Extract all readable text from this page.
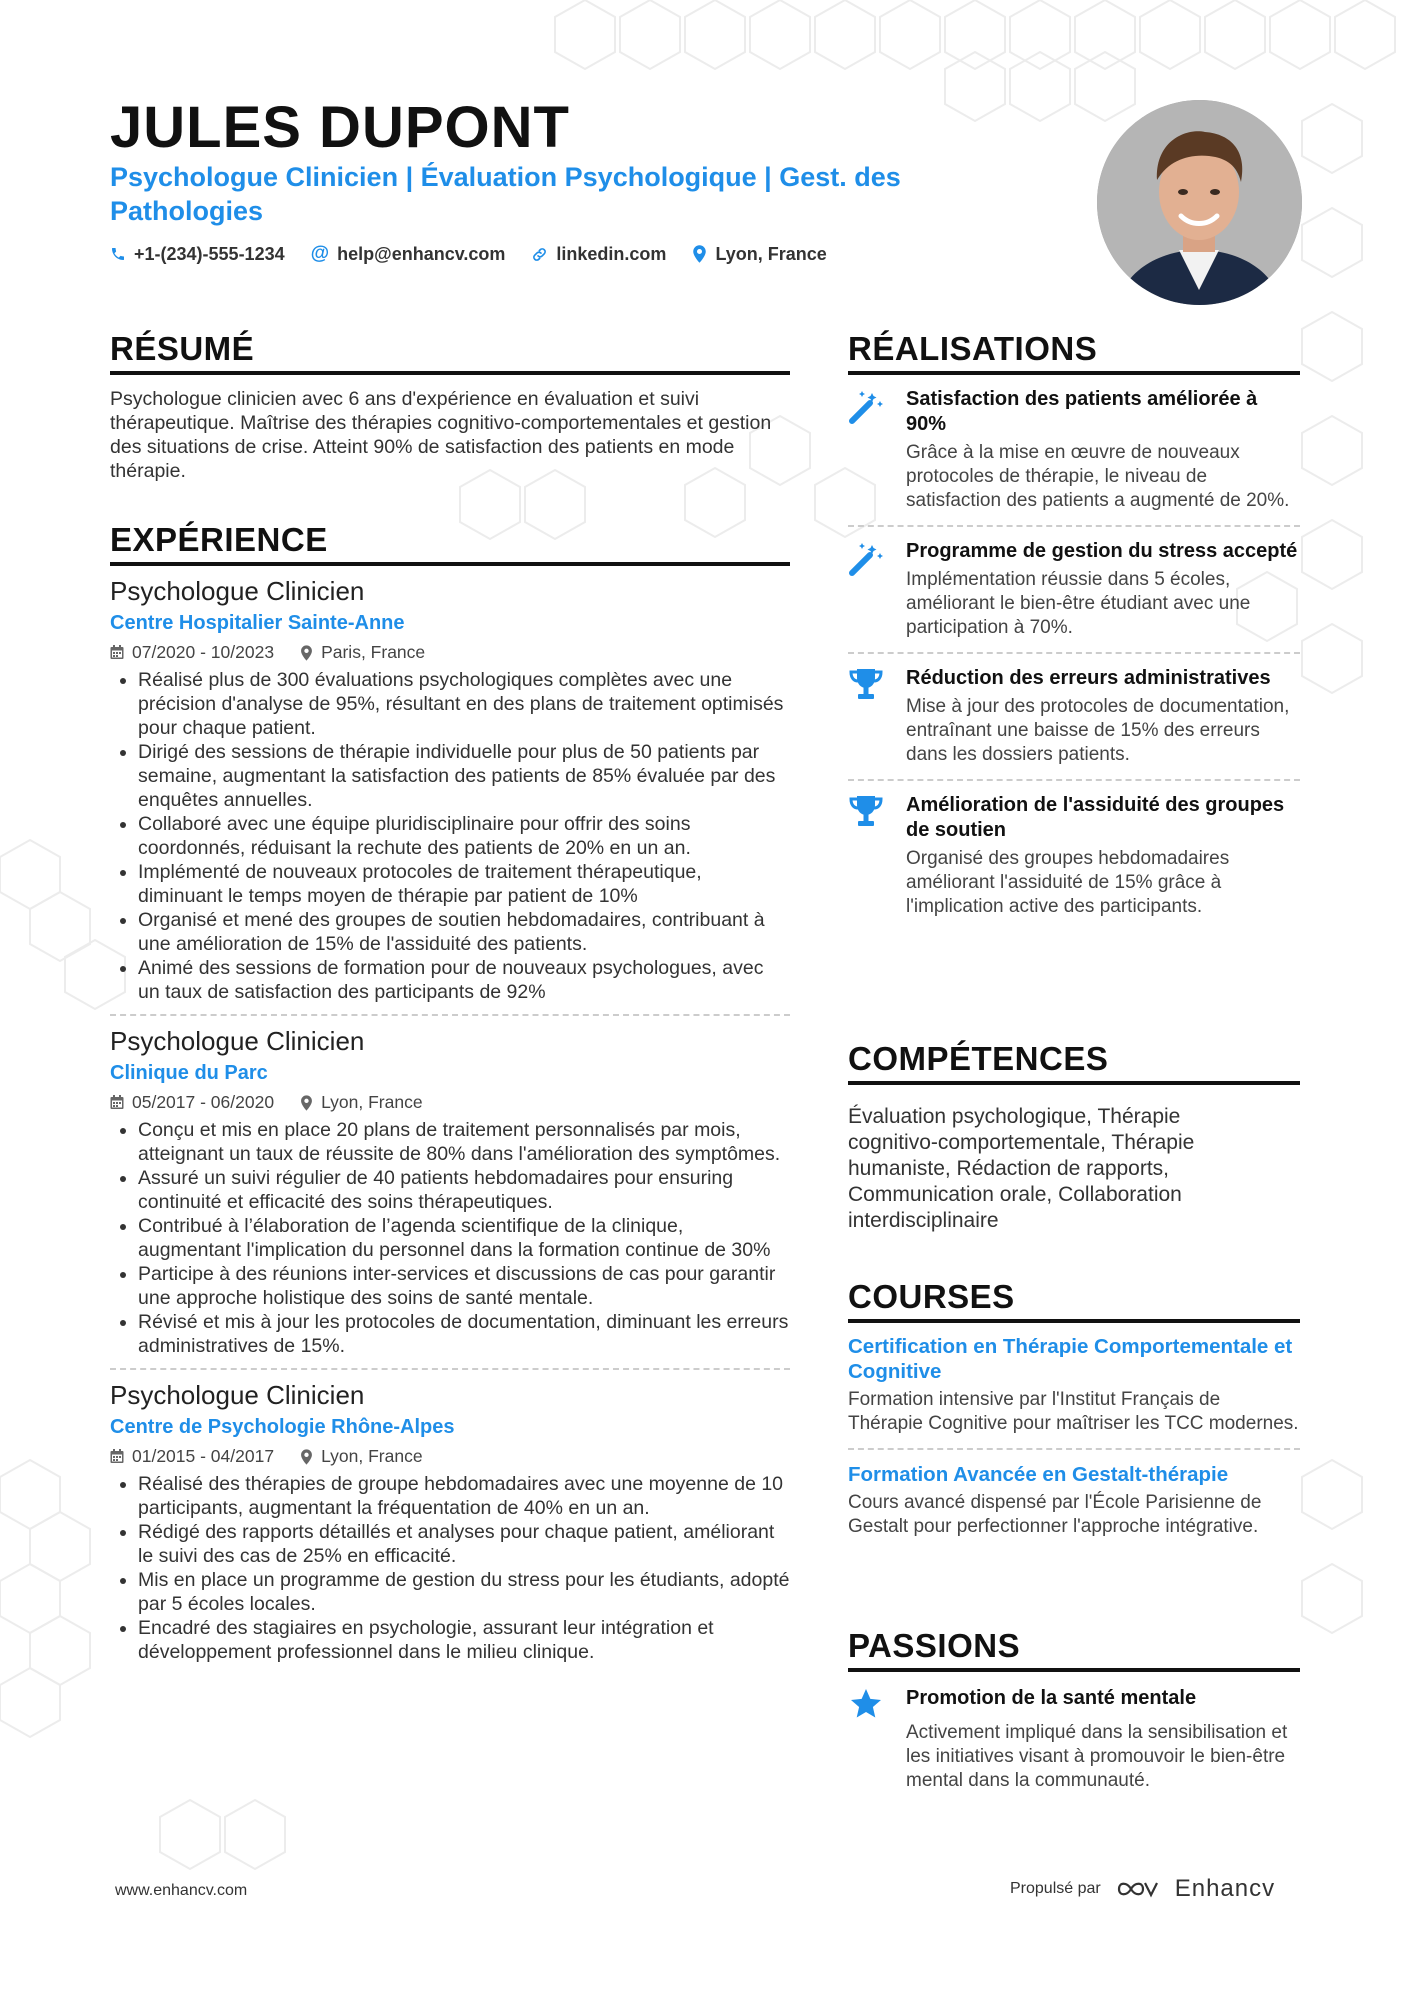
JULES DUPONT
Psychologue Clinicien | Évaluation Psychologique | Gest. des Pathologies
+1-(234)-555-1234 @ help@enhancv.com	linkedin.com	Lyon, France
RÉSUMÉ
Psychologue clinicien avec 6 ans d'expérience en évaluation et suivi thérapeutique. Maîtrise des thérapies cognitivo-comportementales et gestion des situations de crise. Atteint 90% de satisfaction des patients en mode thérapie.
EXPÉRIENCE
Psychologue Clinicien
Centre Hospitalier Sainte-Anne
07/2020 - 10/2023	Paris, France
• Réalisé plus de 300 évaluations psychologiques complètes avec une précision d'analyse de 95%, résultant en des plans de traitement optimisés pour chaque patient.
• Dirigé des sessions de thérapie individuelle pour plus de 50 patients par semaine, augmentant la satisfaction des patients de 85% évaluée par des enquêtes annuelles.
• Collaboré avec une équipe pluridisciplinaire pour offrir des soins coordonnés, réduisant la rechute des patients de 20% en un an.
• Implémenté de nouveaux protocoles de traitement thérapeutique, diminuant le temps moyen de thérapie par patient de 10%
• Organisé et mené des groupes de soutien hebdomadaires, contribuant à une amélioration de 15% de l'assiduité des patients.
• Animé des sessions de formation pour de nouveaux psychologues, avec un taux de satisfaction des participants de 92%
Psychologue Clinicien
Clinique du Parc
05/2017 - 06/2020	Lyon, France
• Conçu et mis en place 20 plans de traitement personnalisés par mois, atteignant un taux de réussite de 80% dans l'amélioration des symptômes.
• Assuré un suivi régulier de 40 patients hebdomadaires pour ensuring continuité et efficacité des soins thérapeutiques.
• Contribué à l’élaboration de l’agenda scientifique de la clinique, augmentant l'implication du personnel dans la formation continue de 30%
• Participe à des réunions inter-services et discussions de cas pour garantir une approche holistique des soins de santé mentale.
• Révisé et mis à jour les protocoles de documentation, diminuant les erreurs administratives de 15%.
Psychologue Clinicien
Centre de Psychologie Rhône-Alpes
01/2015 - 04/2017	Lyon, France
• Réalisé des thérapies de groupe hebdomadaires avec une moyenne de 10 participants, augmentant la fréquentation de 40% en un an.
• Rédigé des rapports détaillés et analyses pour chaque patient, améliorant le suivi des cas de 25% en efficacité.
• Mis en place un programme de gestion du stress pour les étudiants, adopté par 5 écoles locales.
• Encadré des stagiaires en psychologie, assurant leur intégration et développement professionnel dans le milieu clinique.
RÉALISATIONS
Satisfaction des patients améliorée à 90%
Grâce à la mise en œuvre de nouveaux protocoles de thérapie, le niveau de satisfaction des patients a augmenté de 20%.
Programme de gestion du stress accepté
Implémentation réussie dans 5 écoles, améliorant le bien-être étudiant avec une participation à 70%.
Réduction des erreurs administratives
Mise à jour des protocoles de documentation, entraînant une baisse de 15% des erreurs dans les dossiers patients.
Amélioration de l'assiduité des groupes de soutien
Organisé des groupes hebdomadaires améliorant l'assiduité de 15% grâce à l'implication active des participants.
COMPÉTENCES
Évaluation psychologique, Thérapie cognitivo-comportementale, Thérapie humaniste, Rédaction de rapports, Communication orale, Collaboration interdisciplinaire
COURSES
Certification en Thérapie Comportementale et Cognitive
Formation intensive par l'Institut Français de Thérapie Cognitive pour maîtriser les TCC modernes.
Formation Avancée en Gestalt-thérapie
Cours avancé dispensé par l'École Parisienne de Gestalt pour perfectionner l'approche intégrative.
PASSIONS
Promotion de la santé mentale
Activement impliqué dans la sensibilisation et les initiatives visant à promouvoir le bien-être mental dans la communauté.
www.enhancv.com	Propulsé par	Enhancv
